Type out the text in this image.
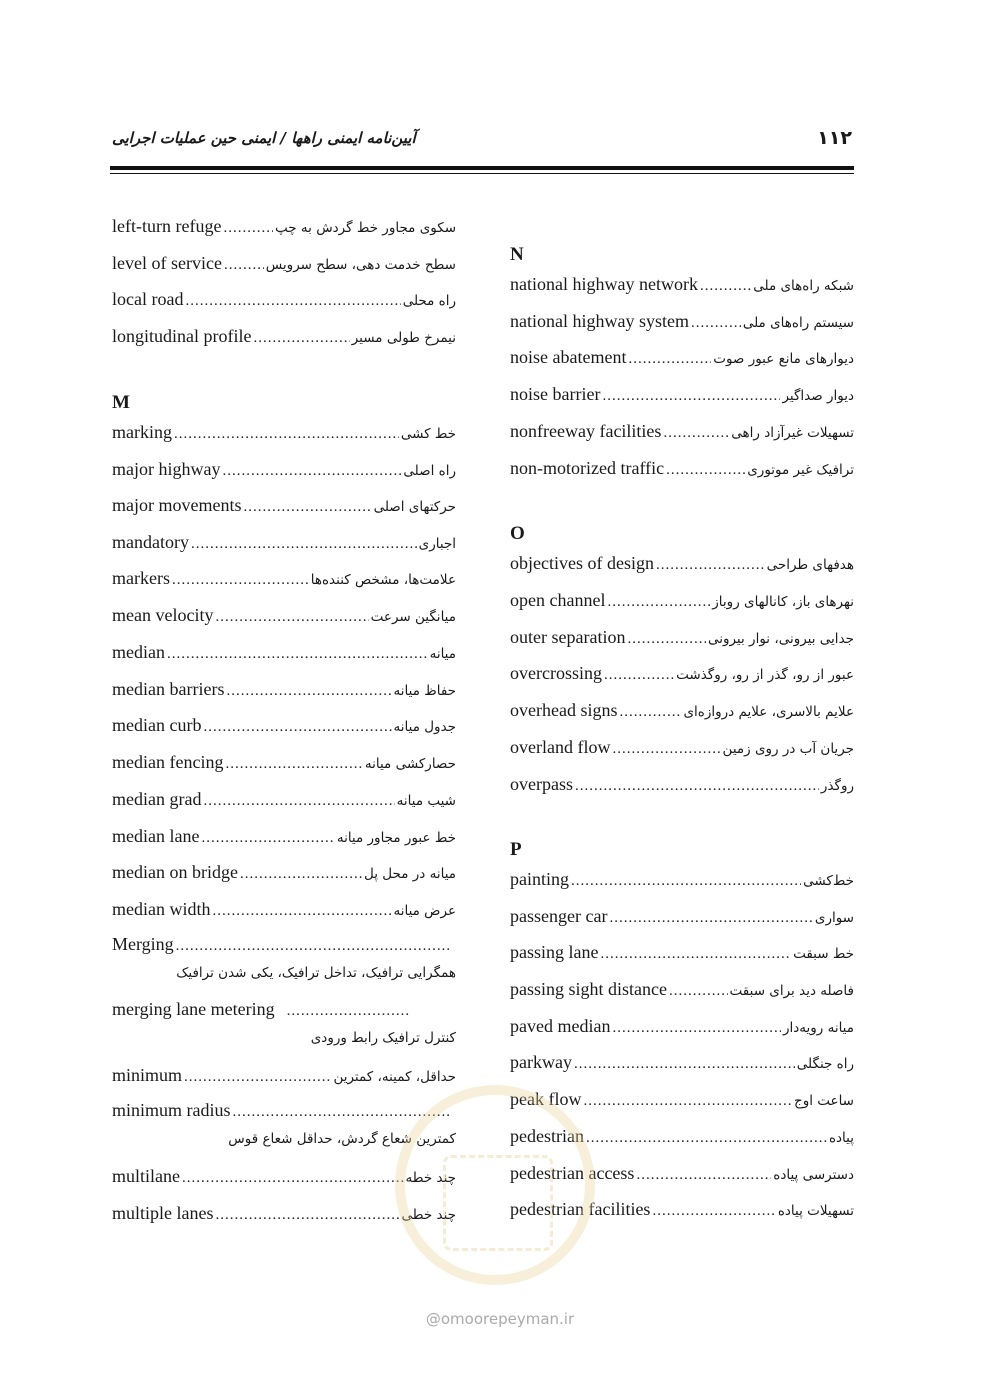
۱۱۲
آیین‌نامه ایمنی راهها / ایمنی حین عملیات اجرایی
left-turn refuge .....	سکوی مجاور خط گردش به چپ
level of service .....	سطح خدمت دهی، سطح سرویس
local road .....	راه محلی
longitudinal profile .....	نیمرخ طولی مسیر
M
marking .....	خط کشی
major highway .....	راه اصلی
major movements .....	حرکتهای اصلی
mandatory .....	اجباری
markers .....	علامت‌ها، مشخص کننده‌ها
mean velocity .....	میانگین سرعت
median .....	میانه
median barriers .....	حفاظ میانه
median curb .....	جدول میانه
median fencing .....	حصارکشی میانه
median grad .....	شیب میانه
median lane .....	خط عبور مجاور میانه
median on bridge .....	میانه در محل پل
median width .....	عرض میانه
Merging
.....
همگرایی ترافیک، تداخل ترافیک، یکی شدن ترافیک
merging lane metering
.....
کنترل ترافیک رابط ورودی
minimum .....	حداقل، کمینه، کمترین
minimum radius
.....
کمترین شعاع گردش، حداقل شعاع قوس
multilane .....	چند خطه
multiple lanes .....	چند خطی
N
national highway network .....	شبکه راه‌های ملی
national highway system .....	سیستم راه‌های ملی
noise abatement .....	دیوارهای مانع عبور صوت
noise barrier .....	دیوار صداگیر
nonfreeway facilities .....	تسهیلات غیرآزاد راهی
non-motorized traffic .....	ترافیک غیر موتوری
O
objectives of design .....	هدفهای طراحی
open channel .....	نهرهای باز، کانالهای روباز
outer separation .....	جدایی بیرونی، نوار بیرونی
overcrossing .....	عبور از رو، گذر از رو، روگذشت
overhead signs .....	علایم بالاسری، علایم دروازه‌ای
overland flow .....	جریان آب در روی زمین
overpass .....	روگذر
P
painting .....	خط‌کشی
passenger car .....	سواری
passing lane .....	خط سبقت
passing sight distance .....	فاصله دید برای سبقت
paved median .....	میانه رویه‌دار
parkway .....	راه جنگلی
peak flow .....	ساعت اوج
pedestrian .....	پیاده
pedestrian access .....	دسترسی پیاده
pedestrian facilities .....	تسهیلات پیاده
@omoorepeyman.ir
